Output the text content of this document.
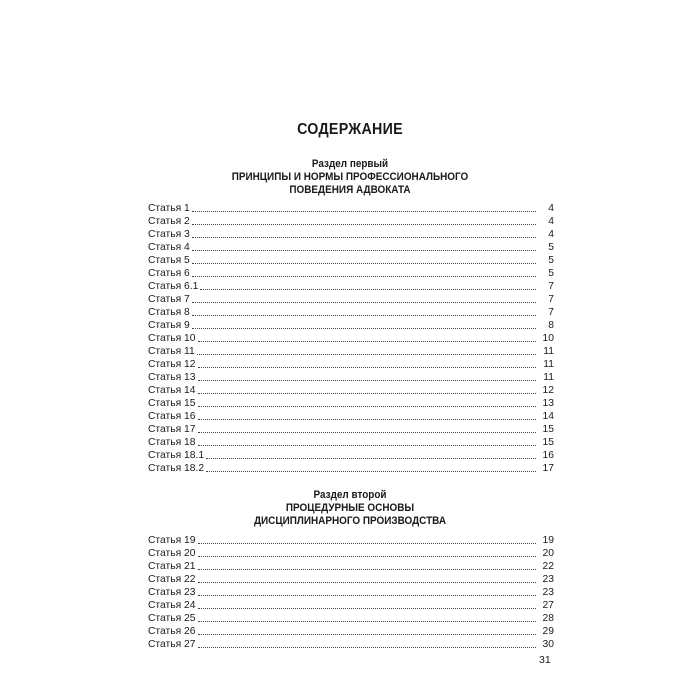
СОДЕРЖАНИЕ
Раздел первый
ПРИНЦИПЫ И НОРМЫ ПРОФЕССИОНАЛЬНОГО
ПОВЕДЕНИЯ АДВОКАТА
Статья 1	4
Статья 2	4
Статья 3	4
Статья 4	5
Статья 5	5
Статья 6	5
Статья 6.1	7
Статья 7	7
Статья 8	7
Статья 9	8
Статья 10	10
Статья 11	11
Статья 12	11
Статья 13	11
Статья 14	12
Статья 15	13
Статья 16	14
Статья 17	15
Статья 18	15
Статья 18.1	16
Статья 18.2	17
Раздел второй
ПРОЦЕДУРНЫЕ ОСНОВЫ
ДИСЦИПЛИНАРНОГО ПРОИЗВОДСТВА
Статья 19	19
Статья 20	20
Статья 21	22
Статья 22	23
Статья 23	23
Статья 24	27
Статья 25	28
Статья 26	29
Статья 27	30
31
